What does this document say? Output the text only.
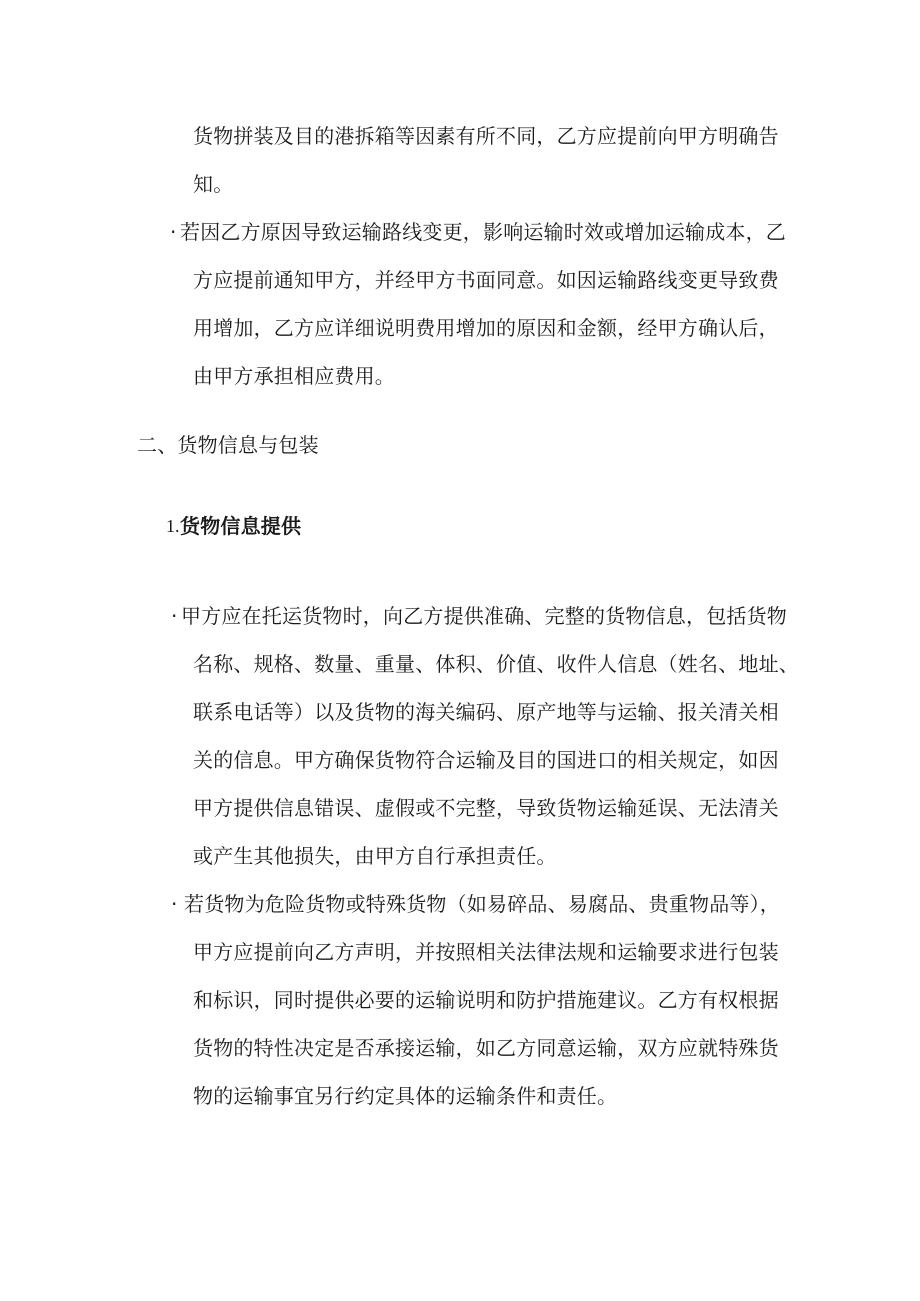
货物拼装及目的港拆箱等因素有所不同，乙方应提前向甲方明确告
知。
· 若因乙方原因导致运输路线变更，影响运输时效或增加运输成本，乙
方应提前通知甲方，并经甲方书面同意。如因运输路线变更导致费
用增加，乙方应详细说明费用增加的原因和金额，经甲方确认后，
由甲方承担相应费用。
二、货物信息与包装
1. 货物信息提供
· 甲方应在托运货物时，向乙方提供准确、完整的货物信息，包括货物
名称、规格、数量、重量、体积、价值、收件人信息（姓名、地址、
联系电话等）以及货物的海关编码、原产地等与运输、报关清关相
关的信息。甲方确保货物符合运输及目的国进口的相关规定，如因
甲方提供信息错误、虚假或不完整，导致货物运输延误、无法清关
或产生其他损失，由甲方自行承担责任。
· 若货物为危险货物或特殊货物（如易碎品、易腐品、贵重物品等），
甲方应提前向乙方声明，并按照相关法律法规和运输要求进行包装
和标识，同时提供必要的运输说明和防护措施建议。乙方有权根据
货物的特性决定是否承接运输，如乙方同意运输，双方应就特殊货
物的运输事宜另行约定具体的运输条件和责任。
